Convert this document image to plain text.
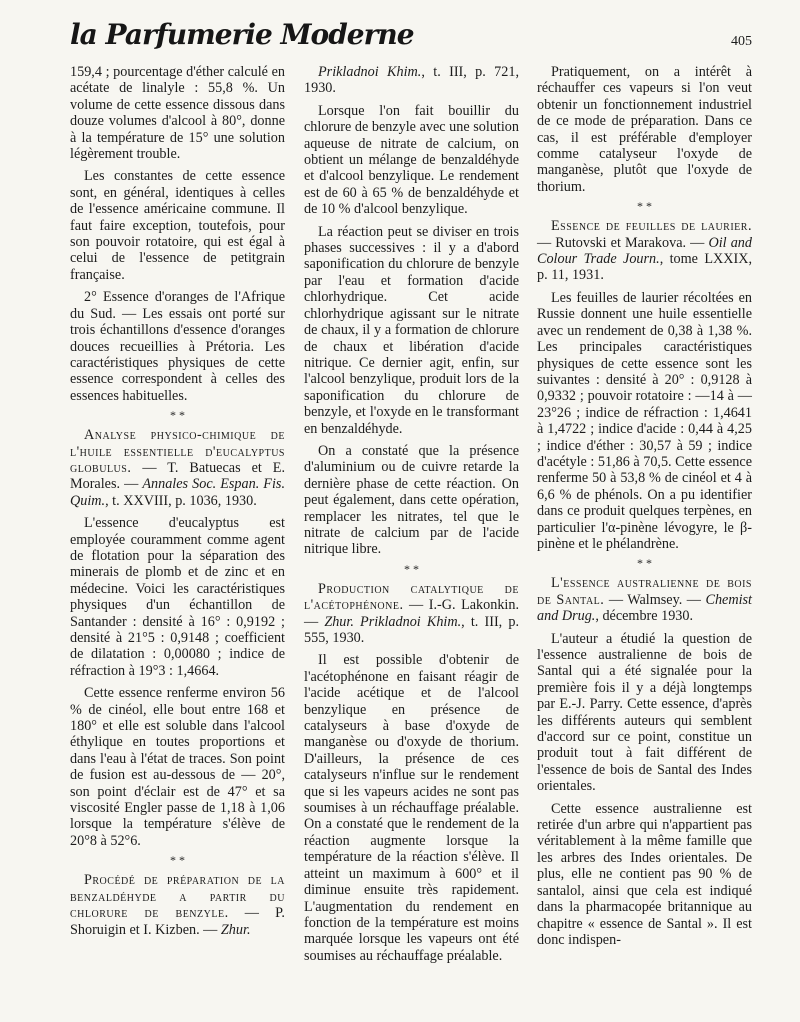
la Parfumerie Moderne	405

159,4 ; pourcentage d'éther calculé en acétate de linalyle : 55,8 %. Un volume de cette essence dissous dans douze volumes d'alcool à 80°, donne à la température de 15° une solution légèrement trouble.

Les constantes de cette essence sont, en général, identiques à celles de l'essence américaine commune. Il faut faire exception, toutefois, pour son pouvoir rotatoire, qui est égal à celui de l'essence de petitgrain française.

2° Essence d'oranges de l'Afrique du Sud. — Les essais ont porté sur trois échantillons d'essence d'oranges douces recueillies à Prétoria. Les caractéristiques physiques de cette essence correspondent à celles des essences habituelles.

* *

Analyse physico-chimique de l'huile essentielle d'eucalyptus globulus. — T. Batuecas et E. Morales. — Annales Soc. Espan. Fis. Quim., t. XXVIII, p. 1036, 1930.

L'essence d'eucalyptus est employée couramment comme agent de flotation pour la séparation des minerais de plomb et de zinc et en médecine. Voici les caractéristiques physiques d'un échantillon de Santander : densité à 16° : 0,9192 ; densité à 21°5 : 0,9148 ; coefficient de dilatation : 0,00080 ; indice de réfraction à 19°3 : 1,4664.

Cette essence renferme environ 56 % de cinéol, elle bout entre 168 et 180° et elle est soluble dans l'alcool éthylique en toutes proportions et dans l'eau à l'état de traces. Son point de fusion est au-dessous de — 20°, son point d'éclair est de 47° et sa viscosité Engler passe de 1,18 à 1,06 lorsque la température s'élève de 20°8 à 52°6.

* *

Procédé de préparation de la benzaldéhyde a partir du chlorure de benzyle. — P. Shoruigin et I. Kizben. — Zhur.

Prikladnoi Khim., t. III, p. 721, 1930.

Lorsque l'on fait bouillir du chlorure de benzyle avec une solution aqueuse de nitrate de calcium, on obtient un mélange de benzaldéhyde et d'alcool benzylique. Le rendement est de 60 à 65 % de benzaldéhyde et de 10 % d'alcool benzylique.

La réaction peut se diviser en trois phases successives : il y a d'abord saponification du chlorure de benzyle par l'eau et formation d'acide chlorhydrique. Cet acide chlorhydrique agissant sur le nitrate de chaux, il y a formation de chlorure de chaux et libération d'acide nitrique. Ce dernier agit, enfin, sur l'alcool benzylique, produit lors de la saponification du chlorure de benzyle, et l'oxyde en le transformant en benzaldéhyde.

On a constaté que la présence d'aluminium ou de cuivre retarde la dernière phase de cette réaction. On peut également, dans cette opération, remplacer les nitrates, tel que le nitrate de calcium par de l'acide nitrique libre.

* *

Production catalytique de l'acétophénone. — I.-G. Lakonkin. — Zhur. Prikladnoi Khim., t. III, p. 555, 1930.

Il est possible d'obtenir de l'acétophénone en faisant réagir de l'acide acétique et de l'alcool benzylique en présence de catalyseurs à base d'oxyde de manganèse ou d'oxyde de thorium. D'ailleurs, la présence de ces catalyseurs n'influe sur le rendement que si les vapeurs acides ne sont pas soumises à un réchauffage préalable. On a constaté que le rendement de la réaction augmente lorsque la température de la réaction s'élève. Il atteint un maximum à 600° et il diminue ensuite très rapidement. L'augmentation du rendement en fonction de la température est moins marquée lorsque les vapeurs ont été soumises au réchauffage préalable.

Pratiquement, on a intérêt à réchauffer ces vapeurs si l'on veut obtenir un fonctionnement industriel de ce mode de préparation. Dans ce cas, il est préférable d'employer comme catalyseur l'oxyde de manganèse, plutôt que l'oxyde de thorium.

* *

Essence de feuilles de laurier. — Rutovski et Marakova. — Oil and Colour Trade Journ., tome LXXIX, p. 11, 1931.

Les feuilles de laurier récoltées en Russie donnent une huile essentielle avec un rendement de 0,38 à 1,38 %. Les principales caractéristiques physiques de cette essence sont les suivantes : densité à 20° : 0,9128 à 0,9332 ; pouvoir rotatoire : —14 à —23°26 ; indice de réfraction : 1,4641 à 1,4722 ; indice d'acide : 0,44 à 4,25 ; indice d'éther : 30,57 à 59 ; indice d'acétyle : 51,86 à 70,5. Cette essence renferme 50 à 53,8 % de cinéol et 4 à 6,6 % de phénols. On a pu identifier dans ce produit quelques terpènes, en particulier l'α-pinène lévogyre, le β-pinène et le phélandrène.

* *

L'essence australienne de bois de Santal. — Walmsey. — Chemist and Drug., décembre 1930.

L'auteur a étudié la question de l'essence australienne de bois de Santal qui a été signalée pour la première fois il y a déjà longtemps par E.-J. Parry. Cette essence, d'après les différents auteurs qui semblent d'accord sur ce point, constitue un produit tout à fait différent de l'essence de bois de Santal des Indes orientales.

Cette essence australienne est retirée d'un arbre qui n'appartient pas véritablement à la même famille que les arbres des Indes orientales. De plus, elle ne contient pas 90 % de santalol, ainsi que cela est indiqué dans la pharmacopée britannique au chapitre « essence de Santal ». Il est donc indispen-
